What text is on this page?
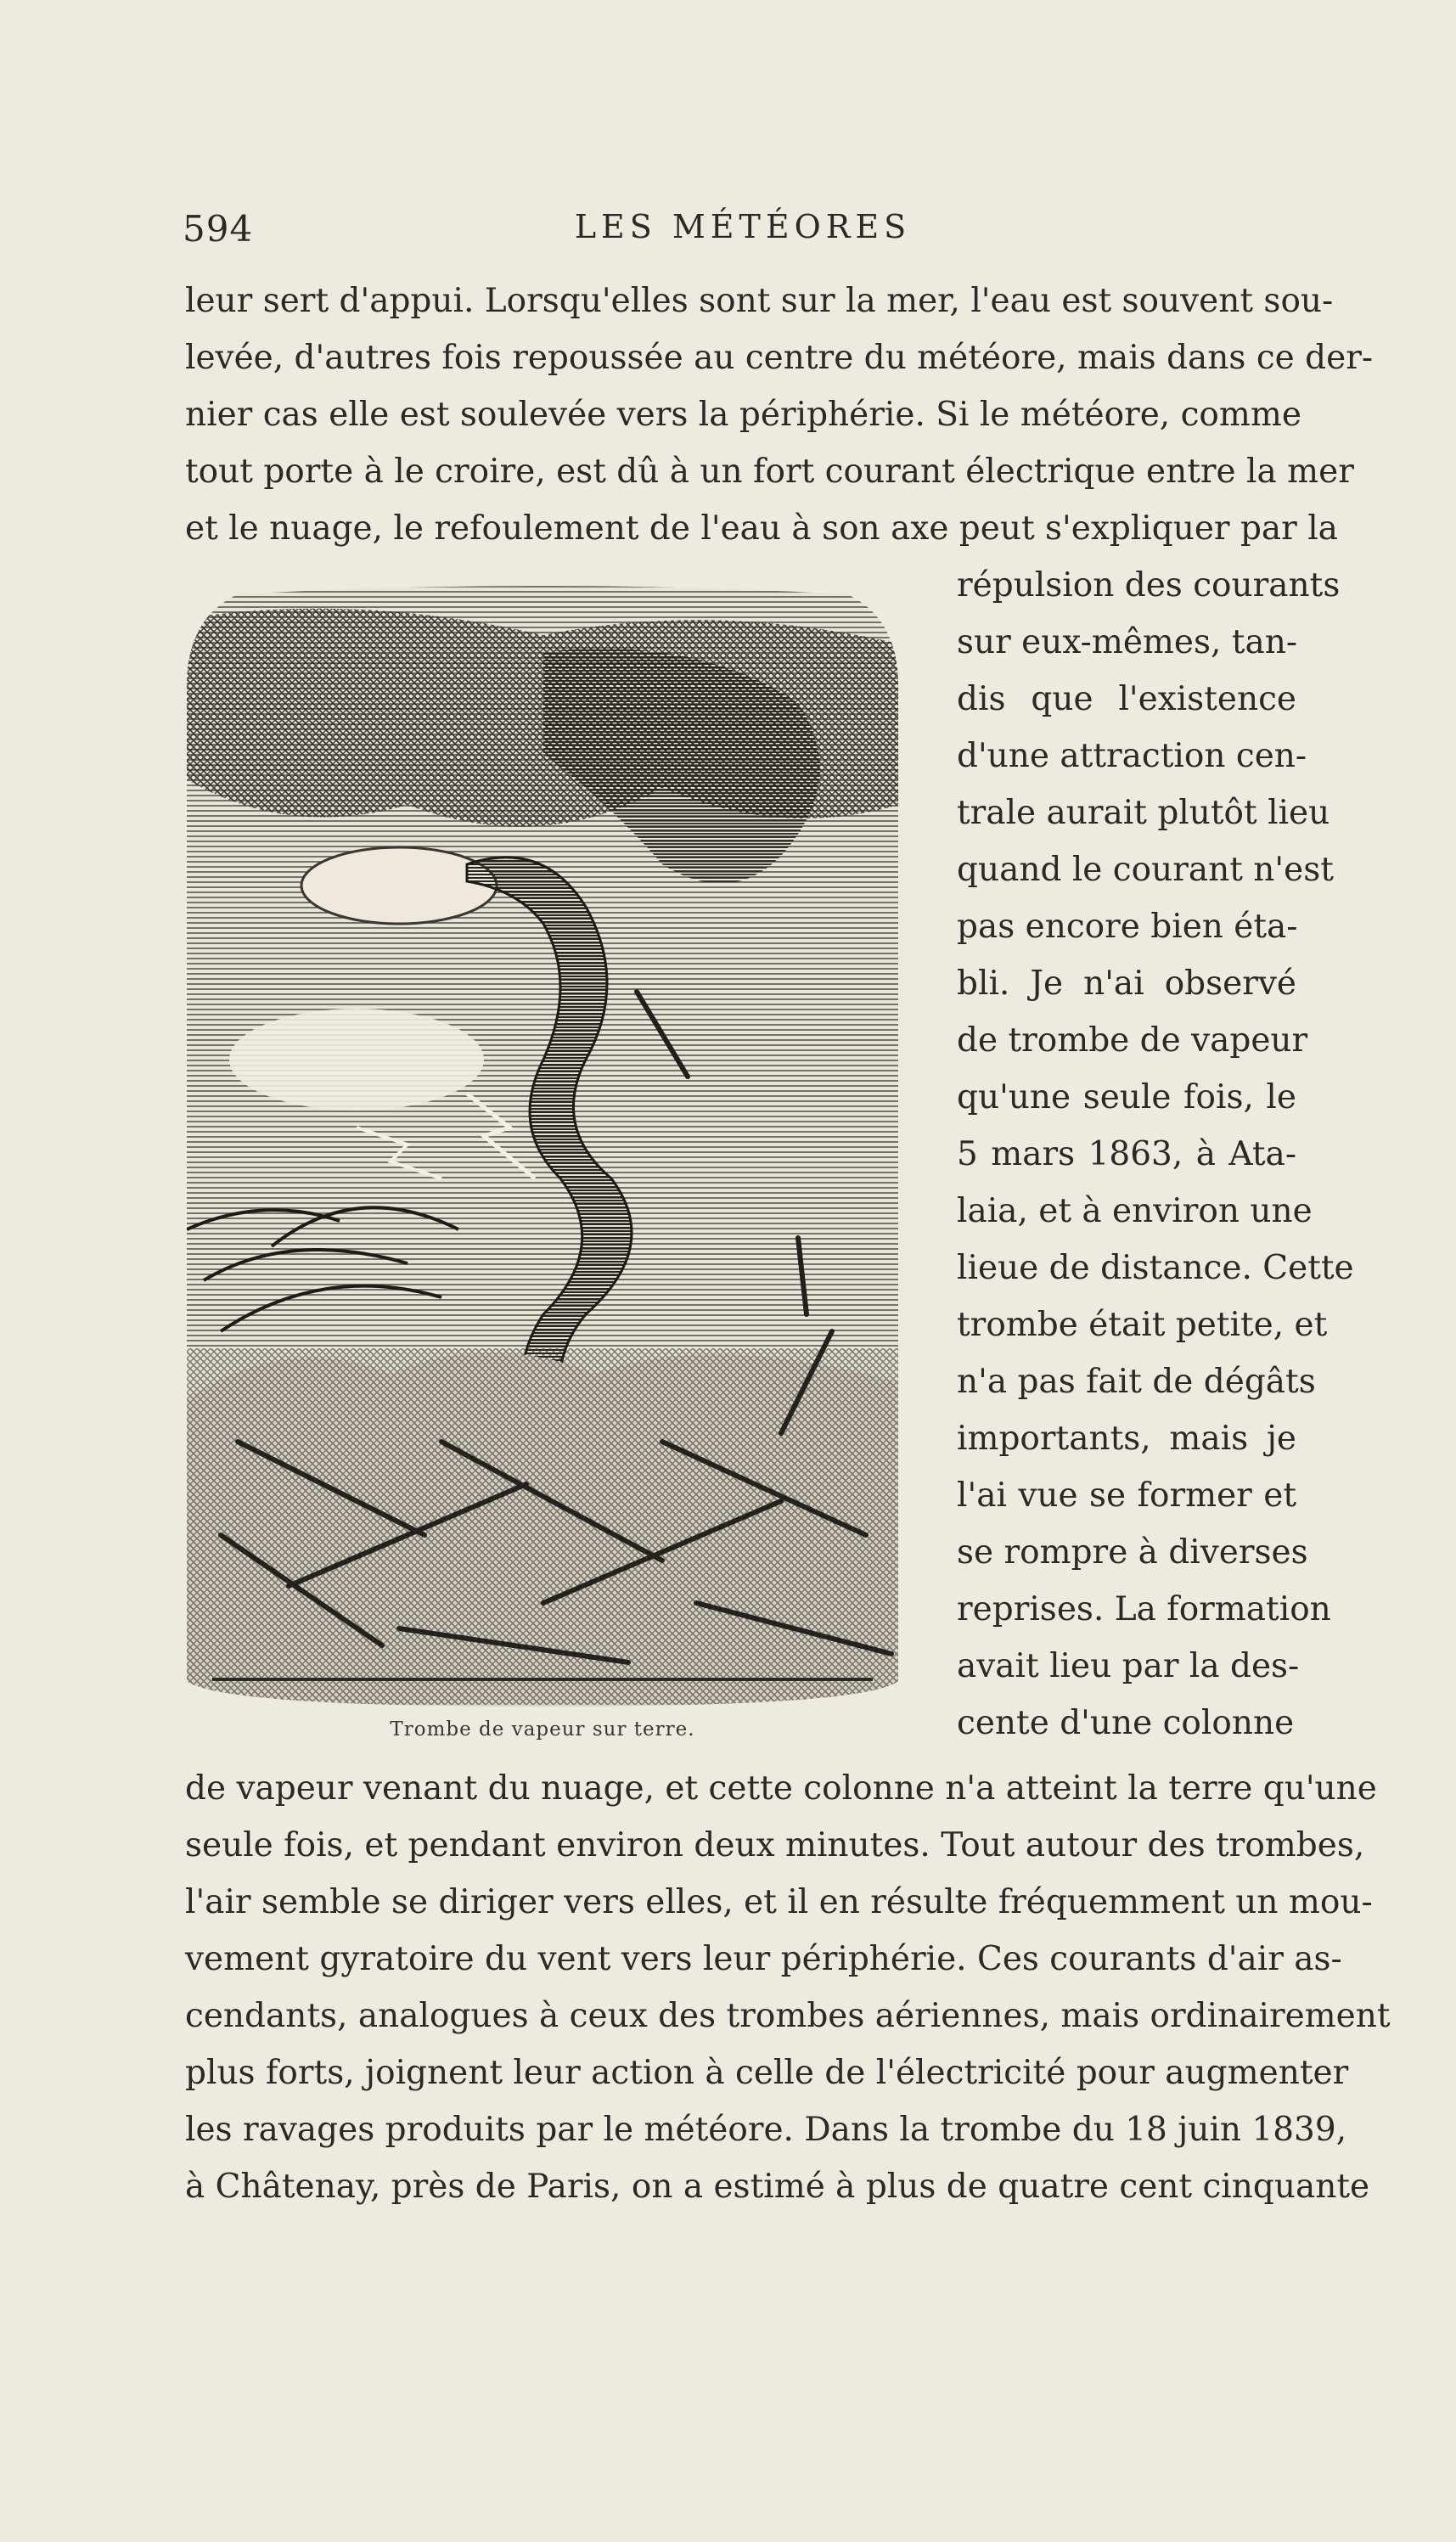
594	LES MÉTÉORES
leur sert d'appui. Lorsqu'elles sont sur la mer, l'eau est souvent sou-
levée, d'autres fois repoussée au centre du météore, mais dans ce der-
nier cas elle est soulevée vers la périphérie. Si le météore, comme
tout porte à le croire, est dû à un fort courant électrique entre la mer
et le nuage, le refoulement de l'eau à son axe peut s'expliquer par la
répulsion des courants
sur eux-mêmes, tan-
dis que l'existence
d'une attraction cen-
trale aurait plutôt lieu
quand le courant n'est
pas encore bien éta-
bli. Je n'ai observé
de trombe de vapeur
qu'une seule fois, le
5 mars 1863, à Ata-
laia, et à environ une
lieue de distance. Cette
trombe était petite, et
n'a pas fait de dégâts
importants, mais je
l'ai vue se former et
se rompre à diverses
reprises. La formation
avait lieu par la des-
cente d'une colonne
de vapeur venant du nuage, et cette colonne n'a atteint la terre qu'une
seule fois, et pendant environ deux minutes. Tout autour des trombes,
l'air semble se diriger vers elles, et il en résulte fréquemment un mou-
vement gyratoire du vent vers leur périphérie. Ces courants d'air as-
cendants, analogues à ceux des trombes aériennes, mais ordinairement
plus forts, joignent leur action à celle de l'électricité pour augmenter
les ravages produits par le météore. Dans la trombe du 18 juin 1839,
à Châtenay, près de Paris, on a estimé à plus de quatre cent cinquante
Trombe de vapeur sur terre.
